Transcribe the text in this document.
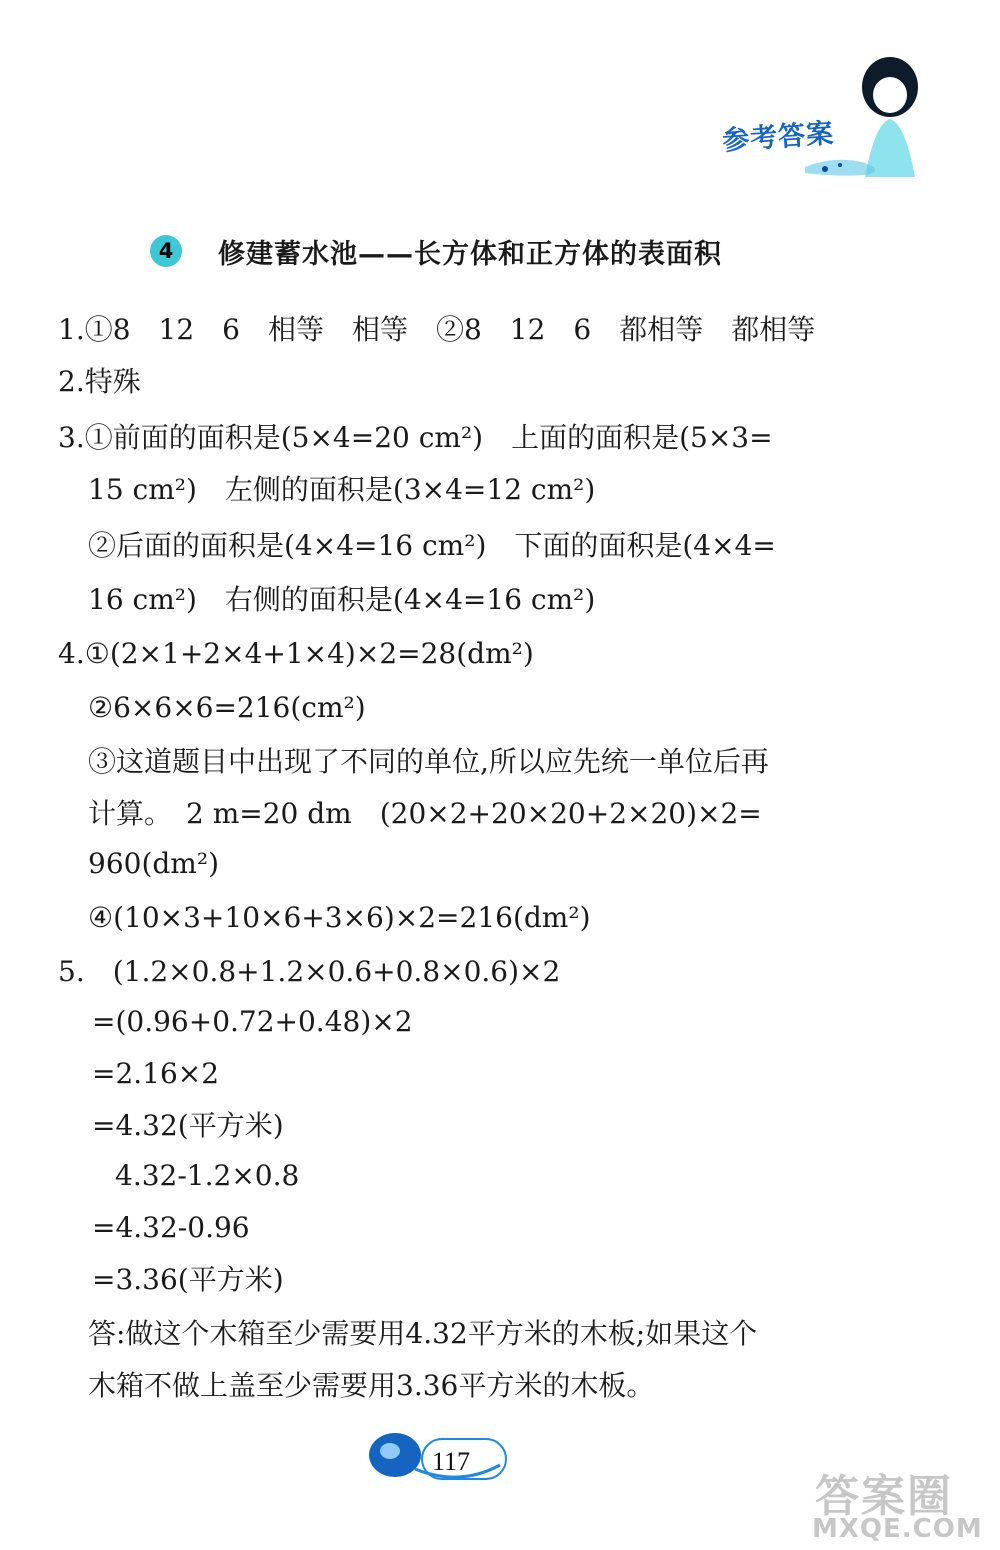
参考答案
4	修建蓄水池——长方体和正方体的表面积
1.①8　12　6　相等　相等　②8　12　6　都相等　都相等
2.特殊
3.①前面的面积是(5×4=20 cm²)　上面的面积是(5×3=
15 cm²)　左侧的面积是(3×4=12 cm²)
②后面的面积是(4×4=16 cm²)　下面的面积是(4×4=
16 cm²)　右侧的面积是(4×4=16 cm²)
4.①(2×1+2×4+1×4)×2=28(dm²)
②6×6×6=216(cm²)
③这道题目中出现了不同的单位,所以应先统一单位后再
计算。　2 m=20 dm　(20×2+20×20+2×20)×2=
960(dm²)
④(10×3+10×6+3×6)×2=216(dm²)
5.　(1.2×0.8+1.2×0.6+0.8×0.6)×2
=(0.96+0.72+0.48)×2
=2.16×2
=4.32(平方米)
4.32-1.2×0.8
=4.32-0.96
=3.36(平方米)
答:做这个木箱至少需要用4.32平方米的木板;如果这个
木箱不做上盖至少需要用3.36平方米的木板。
117
答案圈
MXQE.COM
